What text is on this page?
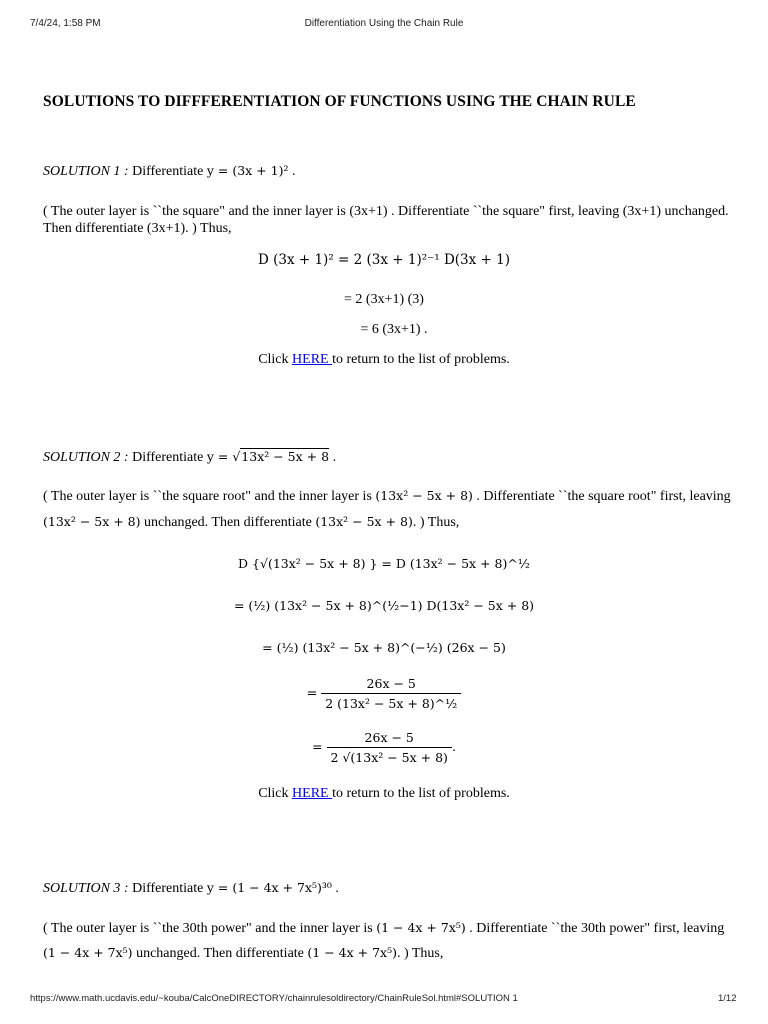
7/4/24, 1:58 PM	Differentiation Using the Chain Rule
SOLUTIONS TO DIFFFERENTIATION OF FUNCTIONS USING THE CHAIN RULE
SOLUTION 1 : Differentiate y = (3x + 1)² .
( The outer layer is ``the square" and the inner layer is (3x+1) . Differentiate ``the square" first, leaving (3x+1) unchanged.
Then differentiate (3x+1). ) Thus,
D (3x + 1)² = 2 (3x + 1)²⁻¹ D(3x + 1)
= 2 (3x+1) (3)
= 6 (3x+1) .
Click HERE to return to the list of problems.
SOLUTION 2 : Differentiate y = √13x² − 5x + 8 .
( The outer layer is ``the square root" and the inner layer is (13x² − 5x + 8) . Differentiate ``the square root" first, leaving
(13x² − 5x + 8) unchanged. Then differentiate (13x² − 5x + 8). ) Thus,
D {√(13x² − 5x + 8) } = D (13x² − 5x + 8)^½
= (½) (13x² − 5x + 8)^(½−1) D(13x² − 5x + 8)
= (½) (13x² − 5x + 8)^(−½) (26x − 5)
= $\frac{26x - 5}{\text{2 (13x² − 5x + 8)\textasciicircum{}½}}$
= $\frac{26x - 5}{\text{2 √(13x² − 5x + 8)}}$ .
Click HERE to return to the list of problems.
SOLUTION 3 : Differentiate y = (1 − 4x + 7x⁵)³⁰ .
( The outer layer is ``the 30th power" and the inner layer is (1 − 4x + 7x⁵) . Differentiate ``the 30th power" first, leaving
(1 − 4x + 7x⁵) unchanged. Then differentiate (1 − 4x + 7x⁵). ) Thus,
https://www.math.ucdavis.edu/~kouba/CalcOneDIRECTORY/chainrulesoldirectory/ChainRuleSol.html#SOLUTION 1	1/12
